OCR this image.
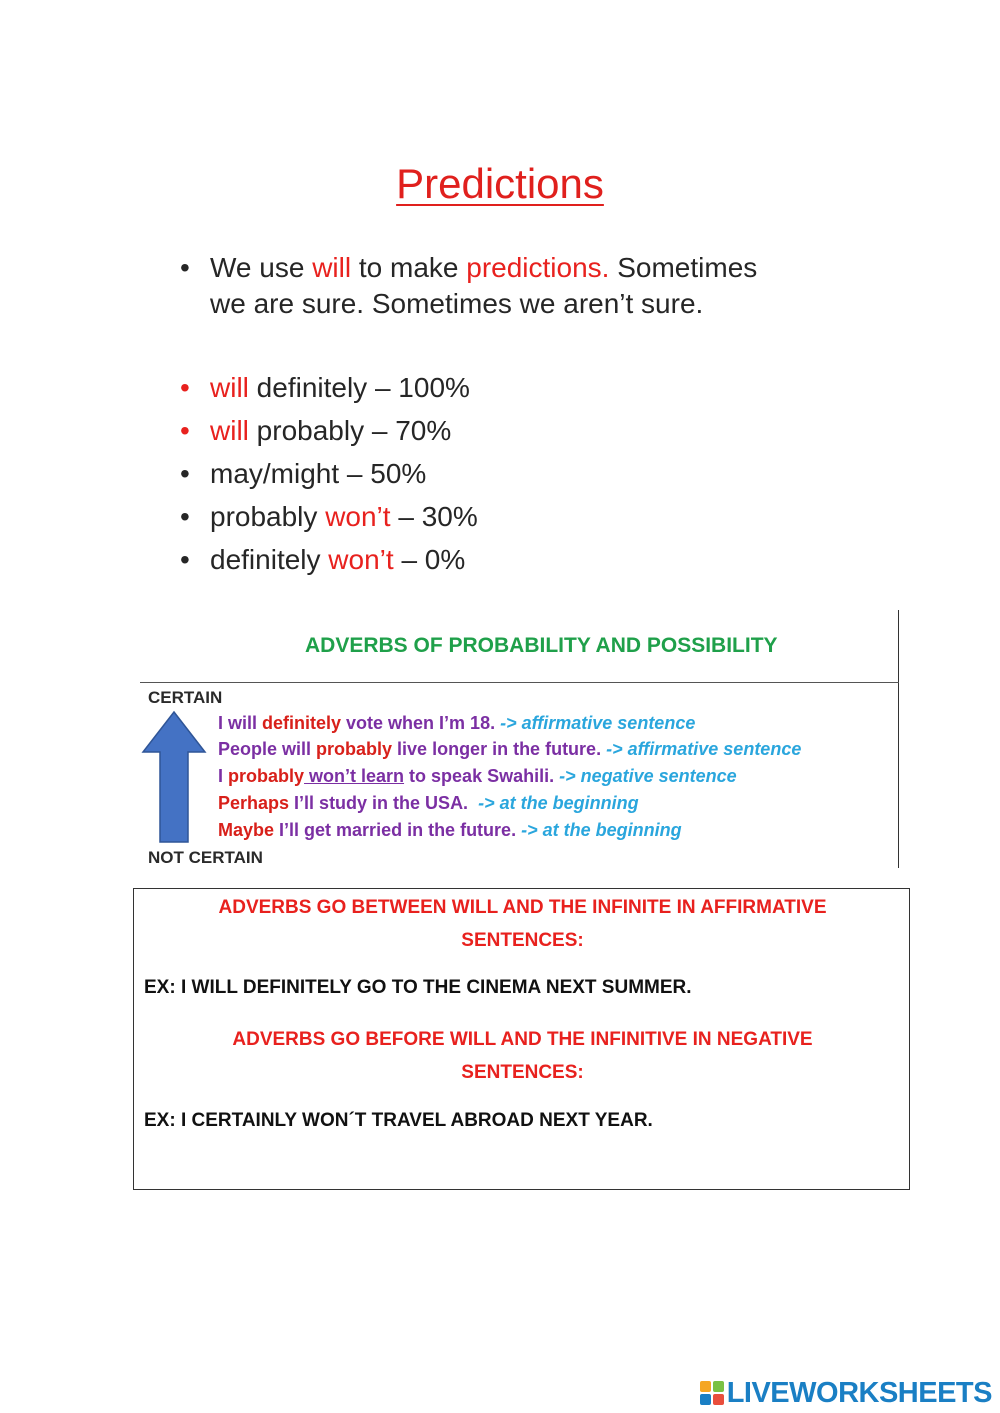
Predictions
• We use will to make predictions. Sometimes
we are sure. Sometimes we aren’t sure.
• will definitely – 100%
• will probably – 70%
• may/might – 50%
• probably won’t – 30%
• definitely won’t – 0%
ADVERBS OF PROBABILITY AND POSSIBILITY
CERTAIN
NOT CERTAIN
I will definitely vote when I’m 18. -> affirmative sentence
People will probably live longer in the future. -> affirmative sentence
I probably won’t learn to speak Swahili. -> negative sentence
Perhaps I’ll study in the USA.  -> at the beginning
Maybe I’ll get married in the future. -> at the beginning
ADVERBS GO BETWEEN WILL AND THE INFINITE IN AFFIRMATIVE
SENTENCES:
EX: I WILL DEFINITELY GO TO THE CINEMA NEXT SUMMER.
ADVERBS GO BEFORE WILL AND THE INFINITIVE IN NEGATIVE
SENTENCES:
EX: I CERTAINLY WON´T TRAVEL ABROAD NEXT YEAR.
LIVEWORKSHEETS
